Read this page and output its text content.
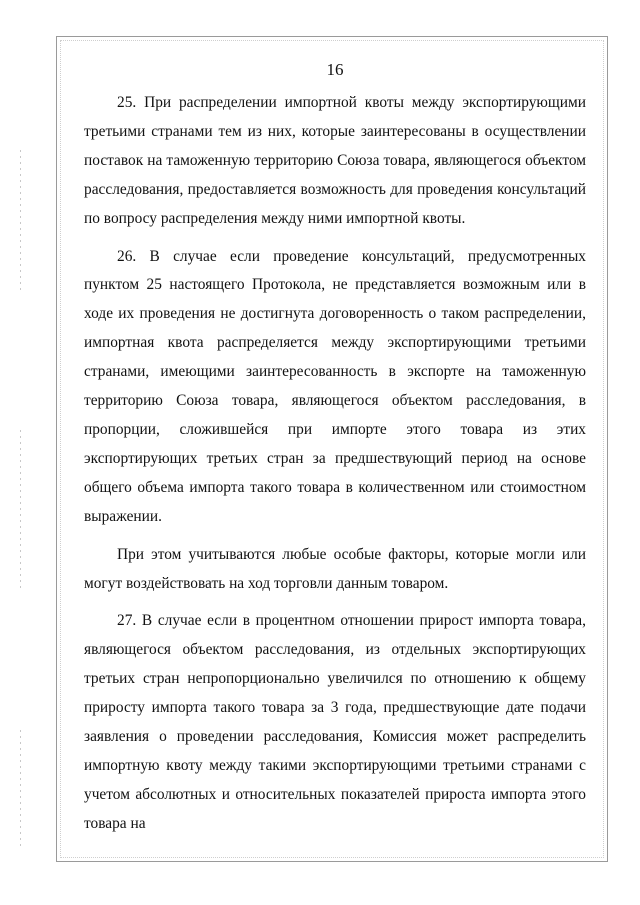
16

25. При распределении импортной квоты между экспортирующими третьими странами тем из них, которые заинтересованы в осуществлении поставок на таможенную территорию Союза товара, являющегося объектом расследования, предоставляется возможность для проведения консультаций по вопросу распределения между ними импортной квоты.

26. В случае если проведение консультаций, предусмотренных пунктом 25 настоящего Протокола, не представляется возможным или в ходе их проведения не достигнута договоренность о таком распределении, импортная квота распределяется между экспортирующими третьими странами, имеющими заинтересованность в экспорте на таможенную территорию Союза товара, являющегося объектом расследования, в пропорции, сложившейся при импорте этого товара из этих экспортирующих третьих стран за предшествующий период на основе общего объема импорта такого товара в количественном или стоимостном выражении.

При этом учитываются любые особые факторы, которые могли или могут воздействовать на ход торговли данным товаром.

27. В случае если в процентном отношении прирост импорта товара, являющегося объектом расследования, из отдельных экспортирующих третьих стран непропорционально увеличился по отношению к общему приросту импорта такого товара за 3 года, предшествующие дате подачи заявления о проведении расследования, Комиссия может распределить импортную квоту между такими экспортирующими третьими странами с учетом абсолютных и относительных показателей прироста импорта этого товара на
